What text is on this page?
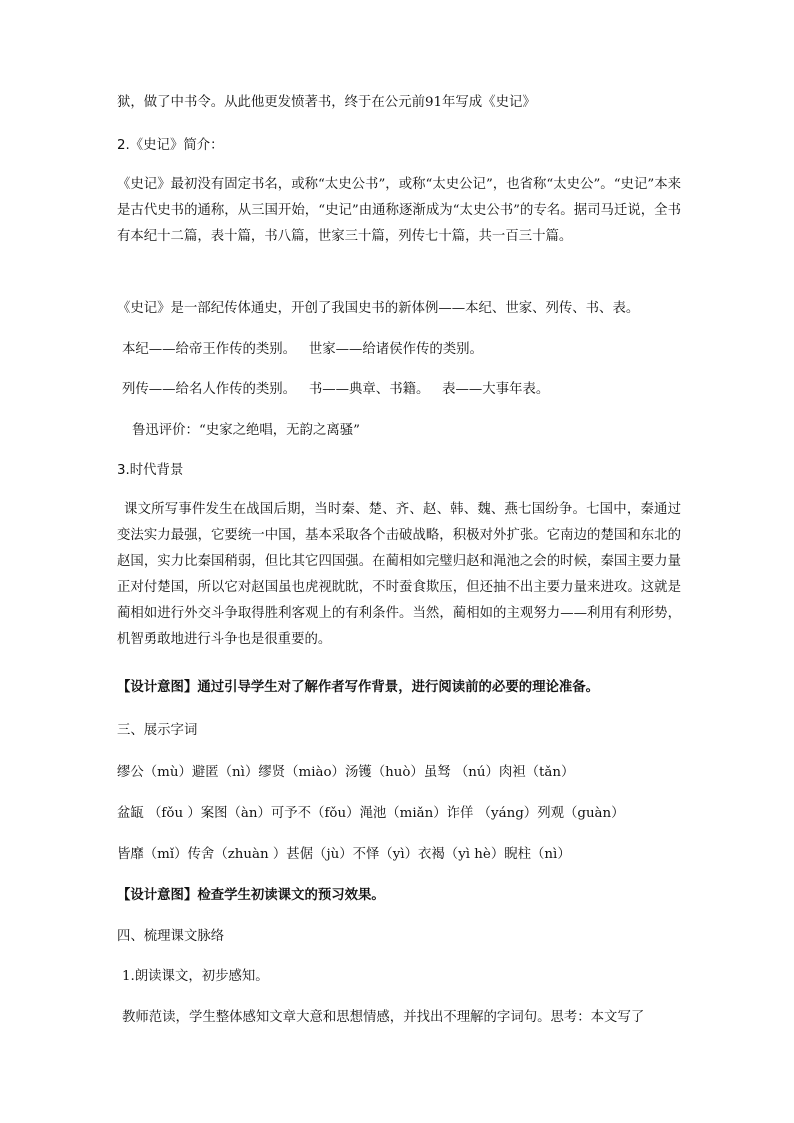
狱，做了中书令。从此他更发愤著书，终于在公元前91年写成《史记》
2.《史记》简介：
《史记》最初没有固定书名，或称“太史公书”，或称“太史公记”，也省称“太史公”。“史记”本来是古代史书的通称，从三国开始，“史记”由通称逐渐成为“太史公书”的专名。据司马迁说，全书有本纪十二篇，表十篇，书八篇，世家三十篇，列传七十篇，共一百三十篇。
《史记》是一部纪传体通史，开创了我国史书的新体例——本纪、世家、列传、书、表。
本纪——给帝王作传的类别。   世家——给诸侯作传的类别。
列传——给名人作传的类别。   书——典章、书籍。   表——大事年表。
鲁迅评价：“史家之绝唱，无韵之离骚”
3.时代背景
课文所写事件发生在战国后期，当时秦、楚、齐、赵、韩、魏、燕七国纷争。七国中，秦通过变法实力最强，它要统一中国，基本采取各个击破战略，积极对外扩张。它南边的楚国和东北的赵国，实力比秦国稍弱，但比其它四国强。在蔺相如完璧归赵和渑池之会的时候，秦国主要力量正对付楚国，所以它对赵国虽也虎视眈眈，不时蚕食欺压，但还抽不出主要力量来进攻。这就是蔺相如进行外交斗争取得胜利客观上的有利条件。当然，蔺相如的主观努力——利用有利形势，机智勇敢地进行斗争也是很重要的。
【设计意图】通过引导学生对了解作者写作背景，进行阅读前的必要的理论准备。
三、展示字词
缪公（mù）避匿（nì）缪贤（miào）汤镬（huò）虽驽 （nú）肉袒（tǎn）
盆缻 （fǒu ）案图（àn）可予不（fǒu）渑池（miǎn）诈佯 （yáng）列观（guàn）
皆靡（mǐ）传舍（zhuàn ）甚倨（jù）不怿（yì）衣褐（yì hè）睨柱（nì）
【设计意图】检查学生初读课文的预习效果。
四、梳理课文脉络
1.朗读课文，初步感知。
教师范读，学生整体感知文章大意和思想情感，并找出不理解的字词句。思考：本文写了
